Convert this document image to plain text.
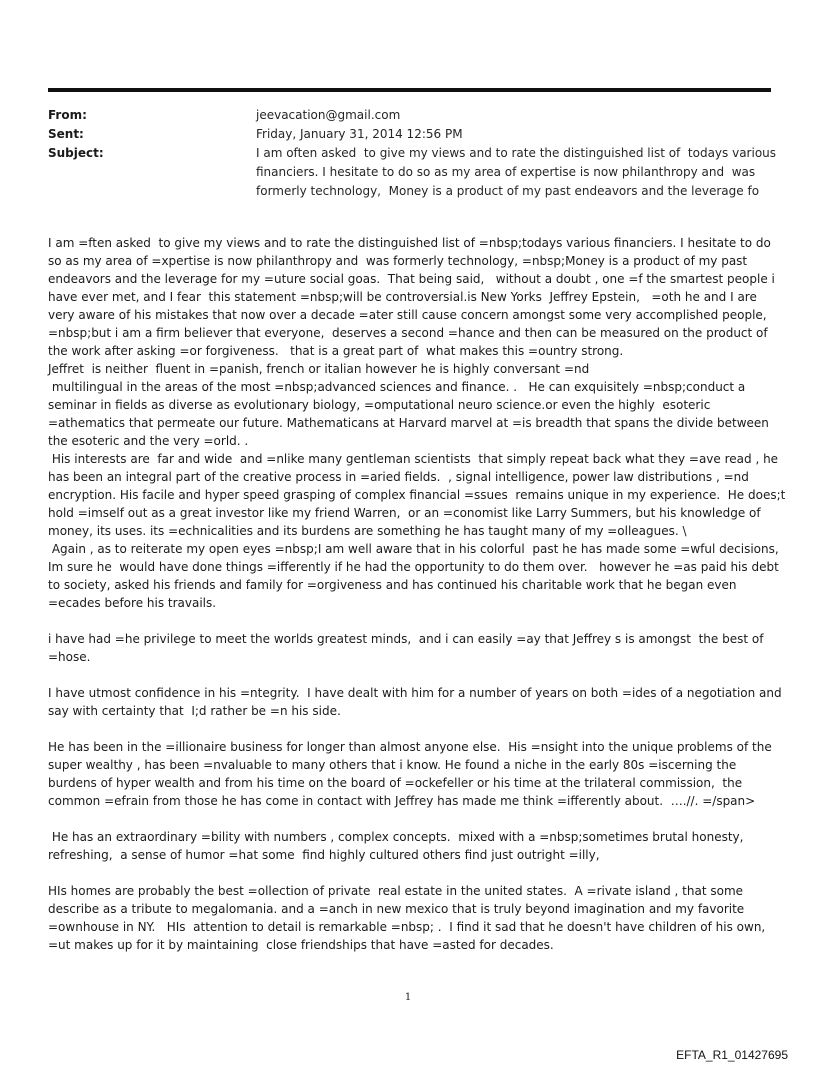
From:	jeevacation@gmail.com
Sent:	Friday, January 31, 2014 12:56 PM
Subject:	I am often asked  to give my views and to rate the distinguished list of  todays various
financiers. I hesitate to do so as my area of expertise is now philanthropy and  was
formerly technology,  Money is a product of my past endeavors and the leverage fo
I am =ften asked  to give my views and to rate the distinguished list of =nbsp;todays various financiers. I hesitate to do
so as my area of =xpertise is now philanthropy and  was formerly technology, =nbsp;Money is a product of my past
endeavors and the leverage for my =uture social goas.  That being said,   without a doubt , one =f the smartest people i
have ever met, and I fear  this statement =nbsp;will be controversial.is New Yorks  Jeffrey Epstein,   =oth he and I are
very aware of his mistakes that now over a decade =ater still cause concern amongst some very accomplished people,
=nbsp;but i am a firm believer that everyone,  deserves a second =hance and then can be measured on the product of
the work after asking =or forgiveness.   that is a great part of  what makes this =ountry strong.
Jeffret  is neither  fluent in =panish, french or italian however he is highly conversant =nd
multilingual in the areas of the most =nbsp;advanced sciences and finance. .   He can exquisitely =nbsp;conduct a
seminar in fields as diverse as evolutionary biology, =omputational neuro science.or even the highly  esoteric
=athematics that permeate our future. Mathematicans at Harvard marvel at =is breadth that spans the divide between
the esoteric and the very =orld. .
His interests are  far and wide  and =nlike many gentleman scientists  that simply repeat back what they =ave read , he
has been an integral part of the creative process in =aried fields.  , signal intelligence, power law distributions , =nd
encryption. His facile and hyper speed grasping of complex financial =ssues  remains unique in my experience.  He does;t
hold =imself out as a great investor like my friend Warren,  or an =conomist like Larry Summers, but his knowledge of
money, its uses. its =echnicalities and its burdens are something he has taught many of my =olleagues. \
Again , as to reiterate my open eyes =nbsp;I am well aware that in his colorful  past he has made some =wful decisions,
Im sure he  would have done things =ifferently if he had the opportunity to do them over.   however he =as paid his debt
to society, asked his friends and family for =orgiveness and has continued his charitable work that he began even
=ecades before his travails.
i have had =he privilege to meet the worlds greatest minds,  and i can easily =ay that Jeffrey s is amongst  the best of
=hose.
I have utmost confidence in his =ntegrity.  I have dealt with him for a number of years on both =ides of a negotiation and
say with certainty that  I;d rather be =n his side.
He has been in the =illionaire business for longer than almost anyone else.  His =nsight into the unique problems of the
super wealthy , has been =nvaluable to many others that i know. He found a niche in the early 80s =iscerning the
burdens of hyper wealth and from his time on the board of =ockefeller or his time at the trilateral commission,  the
common =efrain from those he has come in contact with Jeffrey has made me think =ifferently about.  ….//. =/span>
He has an extraordinary =bility with numbers , complex concepts.  mixed with a =nbsp;sometimes brutal honesty,
refreshing,  a sense of humor =hat some  find highly cultured others find just outright =illy,
HIs homes are probably the best =ollection of private  real estate in the united states.  A =rivate island , that some
describe as a tribute to megalomania. and a =anch in new mexico that is truly beyond imagination and my favorite
=ownhouse in NY.   HIs  attention to detail is remarkable =nbsp; .  I find it sad that he doesn't have children of his own,
=ut makes up for it by maintaining  close friendships that have =asted for decades.
1
EFTA_R1_01427695
